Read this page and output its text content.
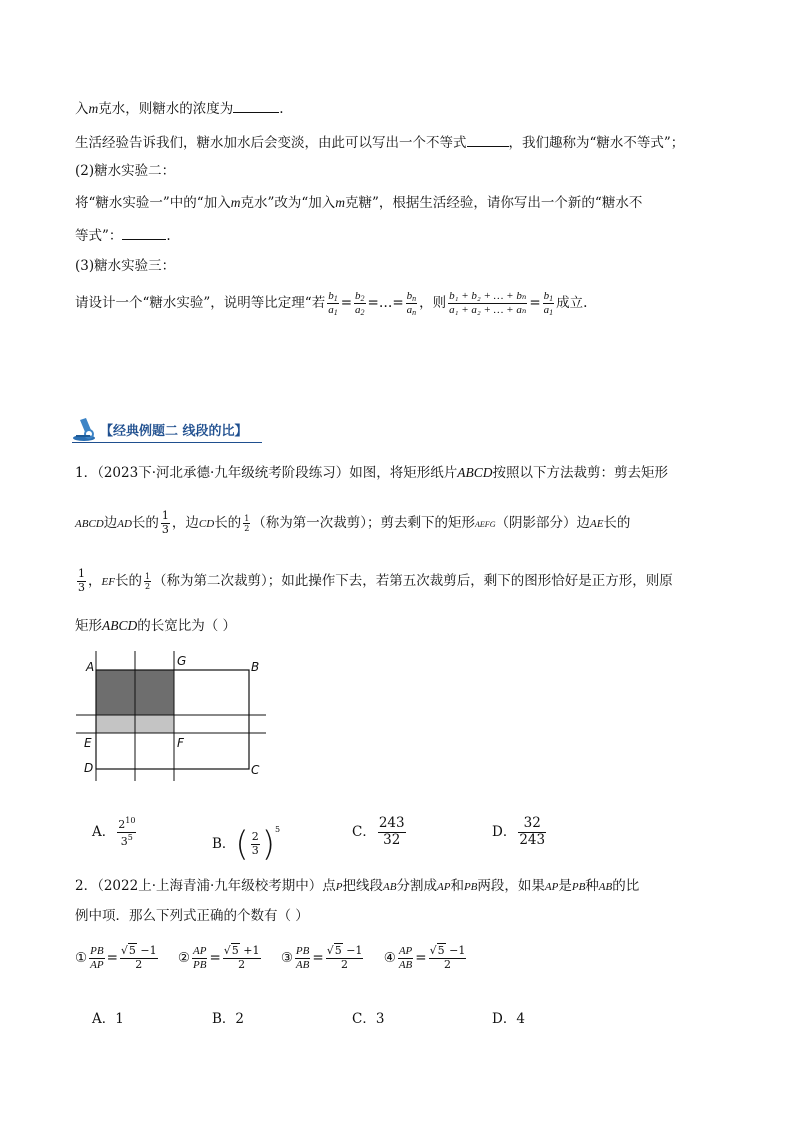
入m克水，则糖水的浓度为	.
生活经验告诉我们，糖水加水后会变淡，由此可以写出一个不等式	，我们趣称为“糖水不等式”；
(2)糖水实验二：
将“糖水实验一”中的“加入m克水”改为“加入m克糖”，根据生活经验，请你写出一个新的“糖水不
等式”：	.
(3)糖水实验三：
请设计一个“糖水实验”，说明等比定理“若 $\frac{b_1}{a_1} = \frac{b_2}{a_2}$ =…= $\frac{b_n}{a_n}$ ，则 $\frac{\text{b₁ + b₂ + … + bₙ}}{\text{a₁ + a₂ + … + aₙ}} = \frac{b_1}{a_1}$ 成立.
【经典例题二 线段的比】
1．（2023下·河北承德·九年级统考阶段练习）如图，将矩形纸片ABCD按照以下方法裁剪：剪去矩形
ABCD边AD长的 $\frac{1}{3}$ ，边CD长的 $\frac{1}{2}$ （称为第一次裁剪）；剪去剩下的矩形AEFG（阴影部分）边AE长的
$\frac{1}{3}$ ，EF长的 $\frac{1}{2}$ （称为第二次裁剪）；如此操作下去，若第五次裁剪后，剩下的图形恰好是正方形，则原
矩形ABCD的长宽比为（ ）
A	G	B
E	F
D	C
A． $\frac{2^{10}}{3^5}$	B．( $\frac{2}{3} )^5$	C． $\frac{243}{32}$	D． $\frac{32}{243}$
2．（2022上·上海青浦·九年级校考期中）点P把线段AB分割成AP和PB两段，如果AP是PB种AB的比
例中项．那么下列式正确的个数有（ ）
① $\frac{PB}{AP} = \frac{√5 -1}{2}$ ② $\frac{AP}{PB} = \frac{√5 +1}{2}$ ③ $\frac{PB}{AB} = \frac{√5 -1}{2}$ ④ $\frac{AP}{AB} = \frac{√5 -1}{2}$
A．1	B．2	C．3	D．4
